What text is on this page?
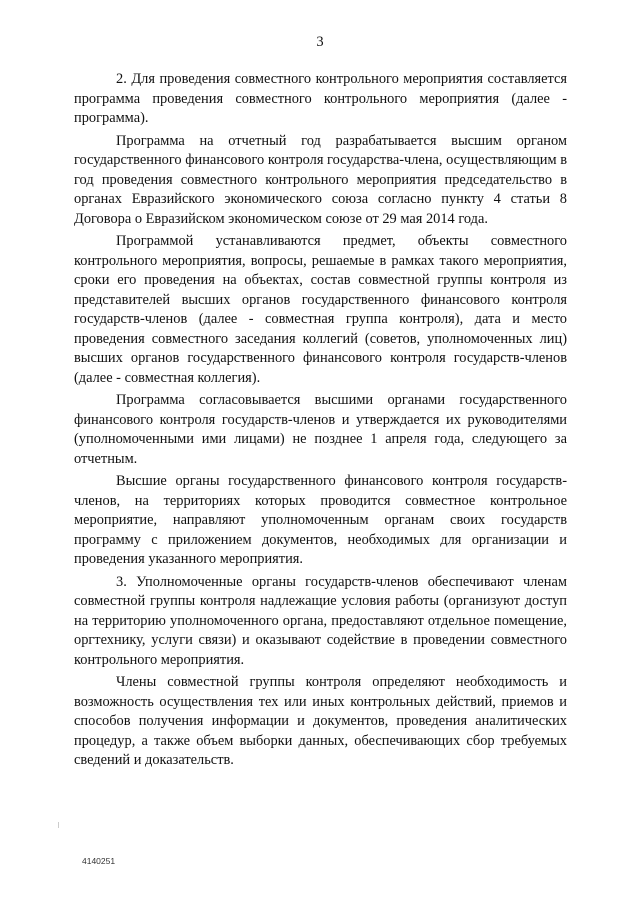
3

2. Для проведения совместного контрольного мероприятия составляется программа проведения совместного контрольного мероприятия (далее - программа).

Программа на отчетный год разрабатывается высшим органом государственного финансового контроля государства-члена, осуществляющим в год проведения совместного контрольного мероприятия председательство в органах Евразийского экономического союза согласно пункту 4 статьи 8 Договора о Евразийском экономическом союзе от 29 мая 2014 года.

Программой устанавливаются предмет, объекты совместного контрольного мероприятия, вопросы, решаемые в рамках такого мероприятия, сроки его проведения на объектах, состав совместной группы контроля из представителей высших органов государственного финансового контроля государств-членов (далее - совместная группа контроля), дата и место проведения совместного заседания коллегий (советов, уполномоченных лиц) высших органов государственного финансового контроля государств-членов (далее - совместная коллегия).

Программа согласовывается высшими органами государственного финансового контроля государств-членов и утверждается их руководителями (уполномоченными ими лицами) не позднее 1 апреля года, следующего за отчетным.

Высшие органы государственного финансового контроля государств-членов, на территориях которых проводится совместное контрольное мероприятие, направляют уполномоченным органам своих государств программу с приложением документов, необходимых для организации и проведения указанного мероприятия.

3. Уполномоченные органы государств-членов обеспечивают членам совместной группы контроля надлежащие условия работы (организуют доступ на территорию уполномоченного органа, предоставляют отдельное помещение, оргтехнику, услуги связи) и оказывают содействие в проведении совместного контрольного мероприятия.

Члены совместной группы контроля определяют необходимость и возможность осуществления тех или иных контрольных действий, приемов и способов получения информации и документов, проведения аналитических процедур, а также объем выборки данных, обеспечивающих сбор требуемых сведений и доказательств.

4140251
